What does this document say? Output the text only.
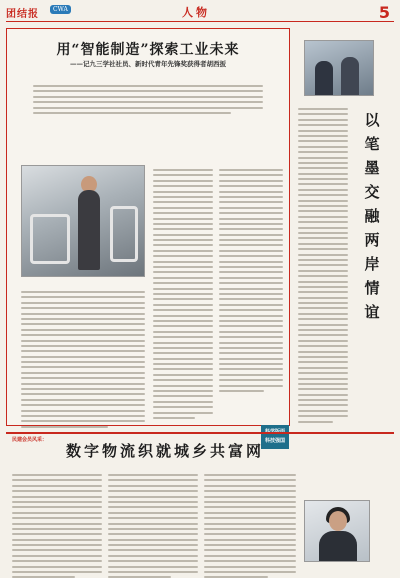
团结报	CWA	人物	5
用“智能制造”探索工业未来
——记九三学社社员、新时代青年先锋奖获得者胡西扳
科技强国
以
笔
墨
交
融
两
岸
情
谊
民建会员风采：
数字物流织就城乡共富网
